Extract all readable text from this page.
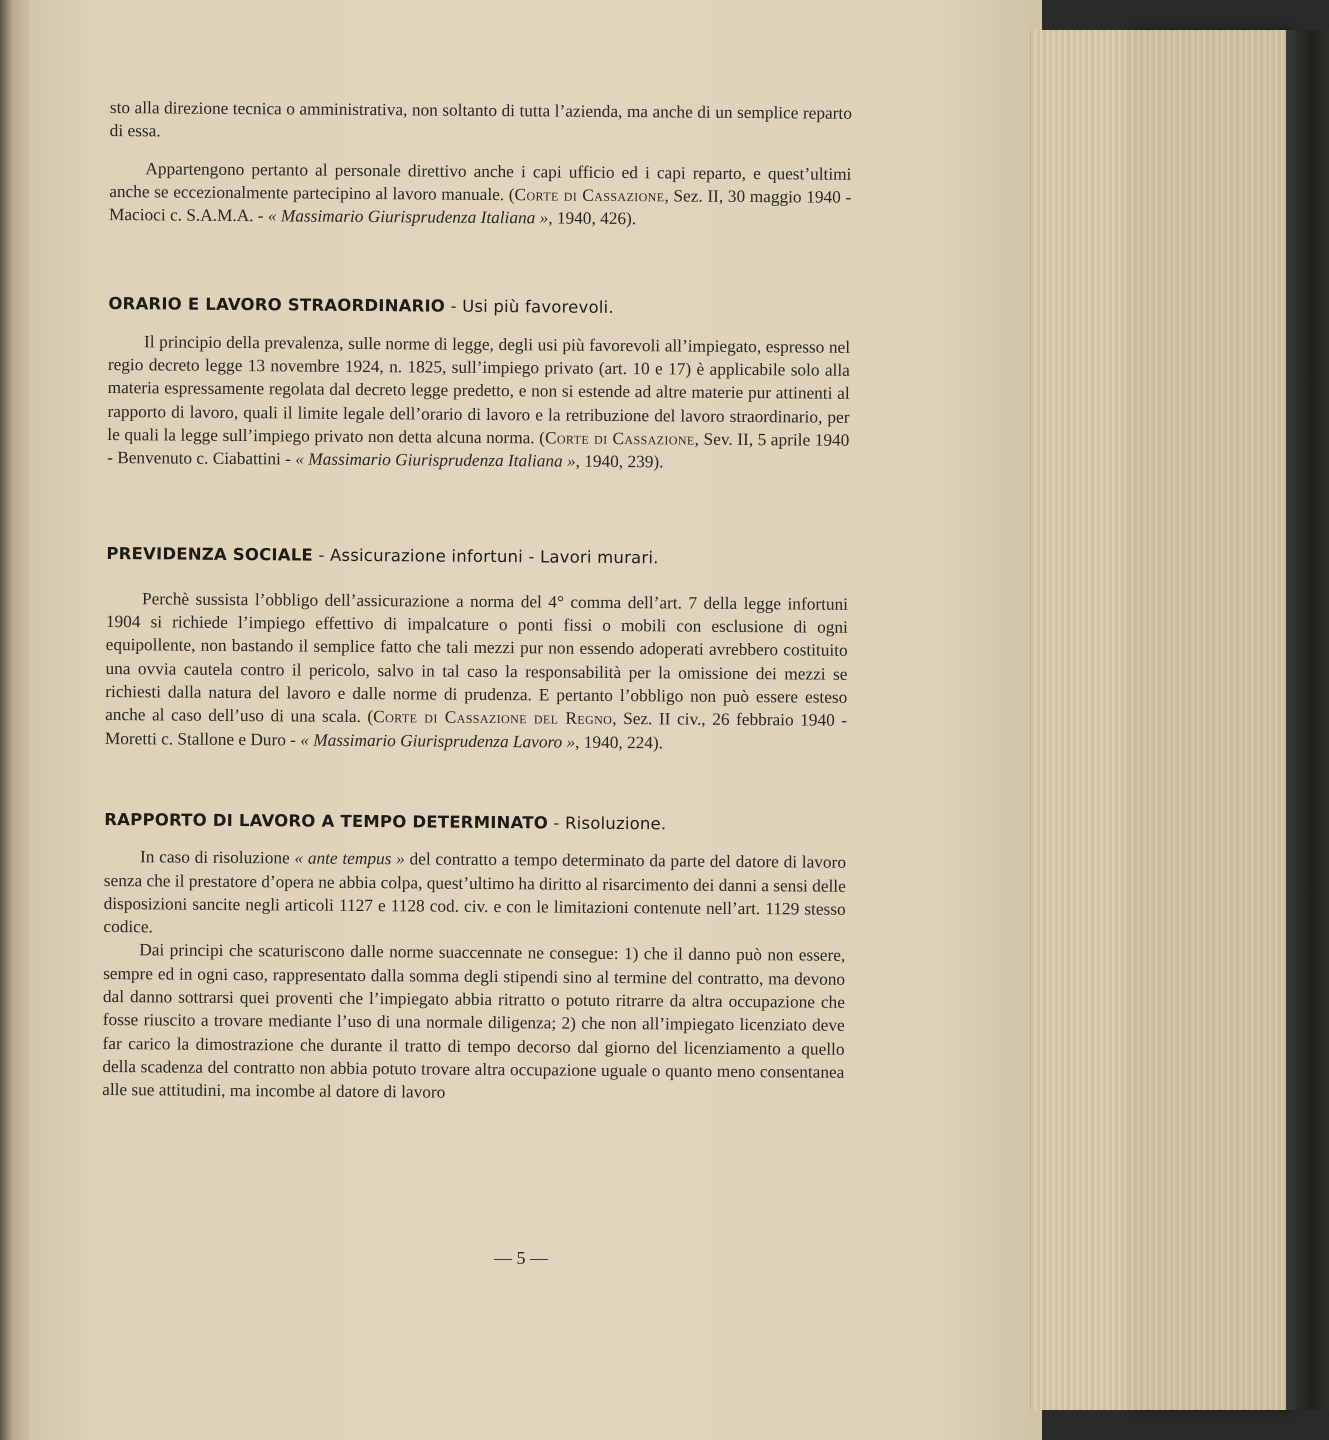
sto alla direzione tecnica o amministrativa, non soltanto di tutta l’azienda, ma anche di un semplice reparto di essa.

Appartengono pertanto al personale direttivo anche i capi ufficio ed i capi reparto, e quest’ultimi anche se eccezionalmente partecipino al lavoro manuale. (Corte di Cassazione, Sez. II, 30 maggio 1940 - Macioci c. S.A.M.A. - « Massimario Giurisprudenza Italiana », 1940, 426).

ORARIO E LAVORO STRAORDINARIO - Usi più favorevoli.

Il principio della prevalenza, sulle norme di legge, degli usi più favorevoli all’impiegato, espresso nel regio decreto legge 13 novembre 1924, n. 1825, sull’impiego privato (art. 10 e 17) è applicabile solo alla materia espressamente regolata dal decreto legge predetto, e non si estende ad altre materie pur attinenti al rapporto di lavoro, quali il limite legale dell’orario di lavoro e la retribuzione del lavoro straordinario, per le quali la legge sull’impiego privato non detta alcuna norma. (Corte di Cassazione, Sev. II, 5 aprile 1940 - Benvenuto c. Ciabattini - « Massimario Giurisprudenza Italiana », 1940, 239).

PREVIDENZA SOCIALE - Assicurazione infortuni - Lavori murari.

Perchè sussista l’obbligo dell’assicurazione a norma del 4° comma dell’art. 7 della legge infortuni 1904 si richiede l’impiego effettivo di impalcature o ponti fissi o mobili con esclusione di ogni equipollente, non bastando il semplice fatto che tali mezzi pur non essendo adoperati avrebbero costituito una ovvia cautela contro il pericolo, salvo in tal caso la responsabilità per la omissione dei mezzi se richiesti dalla natura del lavoro e dalle norme di prudenza. E pertanto l’obbligo non può essere esteso anche al caso dell’uso di una scala. (Corte di Cassazione del Regno, Sez. II civ., 26 febbraio 1940 - Moretti c. Stallone e Duro - « Massimario Giurisprudenza Lavoro », 1940, 224).

RAPPORTO DI LAVORO A TEMPO DETERMINATO - Risoluzione.

In caso di risoluzione « ante tempus » del contratto a tempo determinato da parte del datore di lavoro senza che il prestatore d’opera ne abbia colpa, quest’ultimo ha diritto al risarcimento dei danni a sensi delle disposizioni sancite negli articoli 1127 e 1128 cod. civ. e con le limitazioni contenute nell’art. 1129 stesso codice.

Dai principi che scaturiscono dalle norme suaccennate ne consegue: 1) che il danno può non essere, sempre ed in ogni caso, rappresentato dalla somma degli stipendi sino al termine del contratto, ma devono dal danno sottrarsi quei proventi che l’impiegato abbia ritratto o potuto ritrarre da altra occupazione che fosse riuscito a trovare mediante l’uso di una normale diligenza; 2) che non all’impiegato licenziato deve far carico la dimostrazione che durante il tratto di tempo decorso dal giorno del licenziamento a quello della scadenza del contratto non abbia potuto trovare altra occupazione uguale o quanto meno consentanea alle sue attitudini, ma incombe al datore di lavoro

— 5 —
